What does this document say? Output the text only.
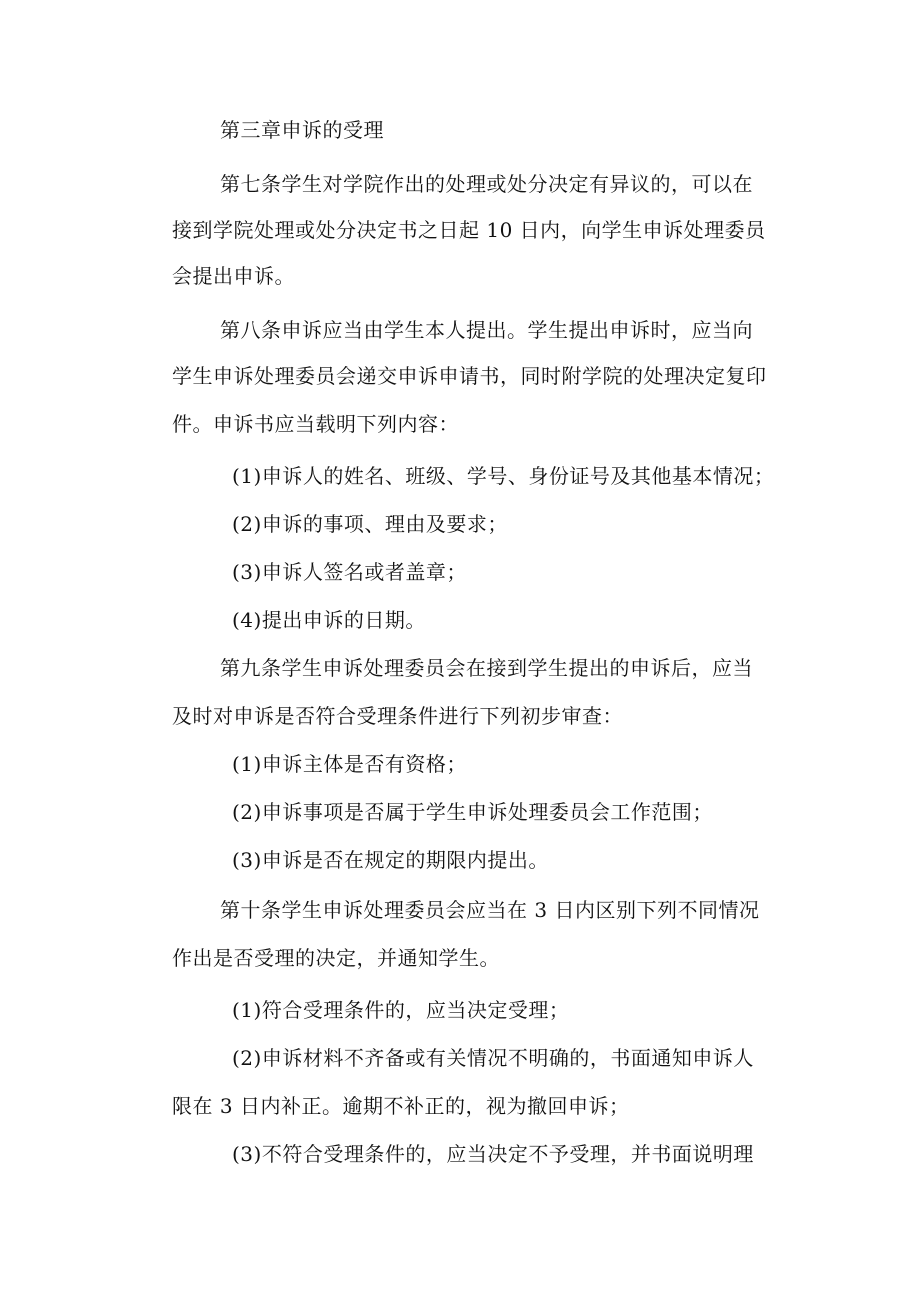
第三章申诉的受理
第七条学生对学院作出的处理或处分决定有异议的，可以在
接到学院处理或处分决定书之日起 10 日内，向学生申诉处理委员
会提出申诉。
第八条申诉应当由学生本人提出。学生提出申诉时，应当向
学生申诉处理委员会递交申诉申请书，同时附学院的处理决定复印
件。申诉书应当载明下列内容：
(1)申诉人的姓名、班级、学号、身份证号及其他基本情况；
(2)申诉的事项、理由及要求；
(3)申诉人签名或者盖章；
(4)提出申诉的日期。
第九条学生申诉处理委员会在接到学生提出的申诉后，应当
及时对申诉是否符合受理条件进行下列初步审查：
(1)申诉主体是否有资格；
(2)申诉事项是否属于学生申诉处理委员会工作范围；
(3)申诉是否在规定的期限内提出。
第十条学生申诉处理委员会应当在 3 日内区别下列不同情况
作出是否受理的决定，并通知学生。
(1)符合受理条件的，应当决定受理；
(2)申诉材料不齐备或有关情况不明确的，书面通知申诉人
限在 3 日内补正。逾期不补正的，视为撤回申诉；
(3)不符合受理条件的，应当决定不予受理，并书面说明理
